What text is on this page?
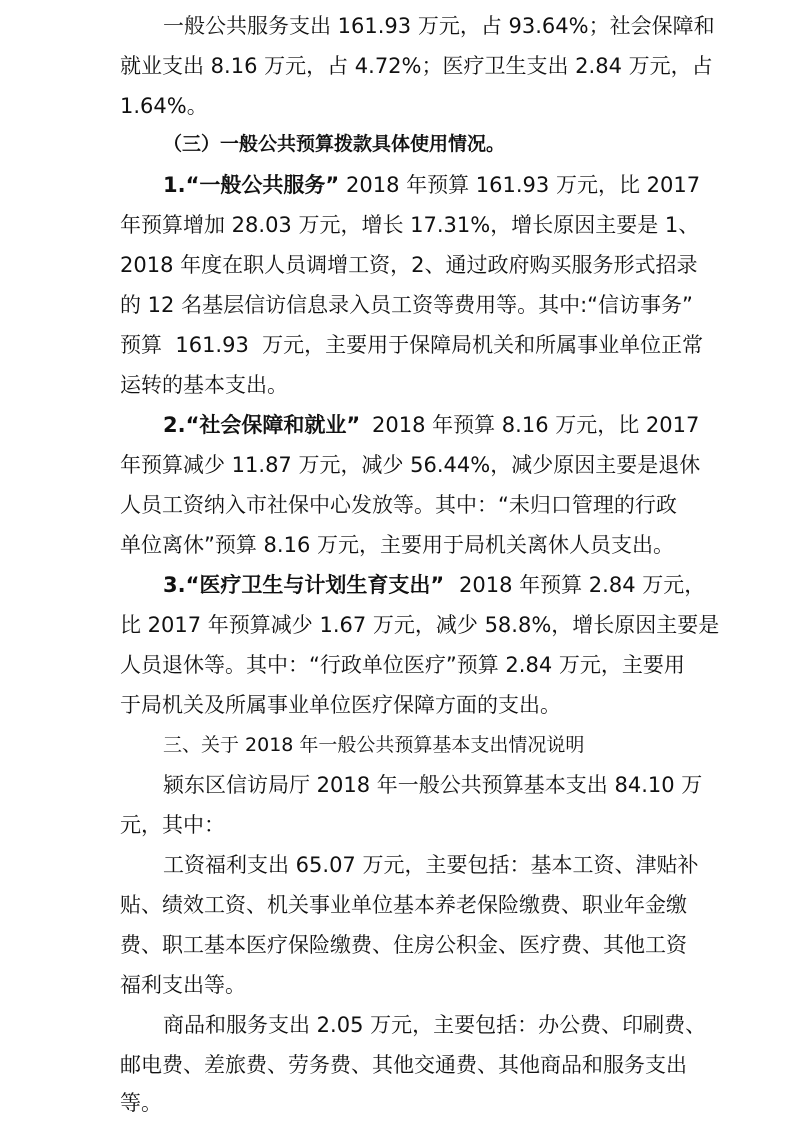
一般公共服务支出 161.93 万元，占 93.64%；社会保障和

就业支出 8.16 万元，占 4.72%；医疗卫生支出 2.84 万元，占

1.64%。

（三）一般公共预算拨款具体使用情况。

1.“一般公共服务” 2018 年预算 161.93 万元，比 2017

年预算增加 28.03 万元，增长 17.31%，增长原因主要是 1、

2018 年度在职人员调增工资，2、通过政府购买服务形式招录

的 12 名基层信访信息录入员工资等费用等。其中:“信访事务”

预算  161.93  万元，主要用于保障局机关和所属事业单位正常

运转的基本支出。

2.“社会保障和就业” 2018 年预算 8.16 万元，比 2017

年预算减少 11.87 万元，减少 56.44%，减少原因主要是退休

人员工资纳入市社保中心发放等。其中：“未归口管理的行政

单位离休”预算 8.16 万元，主要用于局机关离休人员支出。

3.“医疗卫生与计划生育支出” 2018 年预算 2.84 万元，

比 2017 年预算减少 1.67 万元，减少 58.8%，增长原因主要是

人员退休等。其中：“行政单位医疗”预算 2.84 万元，主要用

于局机关及所属事业单位医疗保障方面的支出。

三、关于 2018 年一般公共预算基本支出情况说明

颍东区信访局厅 2018 年一般公共预算基本支出 84.10 万

元，其中：

工资福利支出 65.07 万元，主要包括：基本工资、津贴补

贴、绩效工资、机关事业单位基本养老保险缴费、职业年金缴

费、职工基本医疗保险缴费、住房公积金、医疗费、其他工资

福利支出等。

商品和服务支出 2.05 万元，主要包括：办公费、印刷费、

邮电费、差旅费、劳务费、其他交通费、其他商品和服务支出

等。
